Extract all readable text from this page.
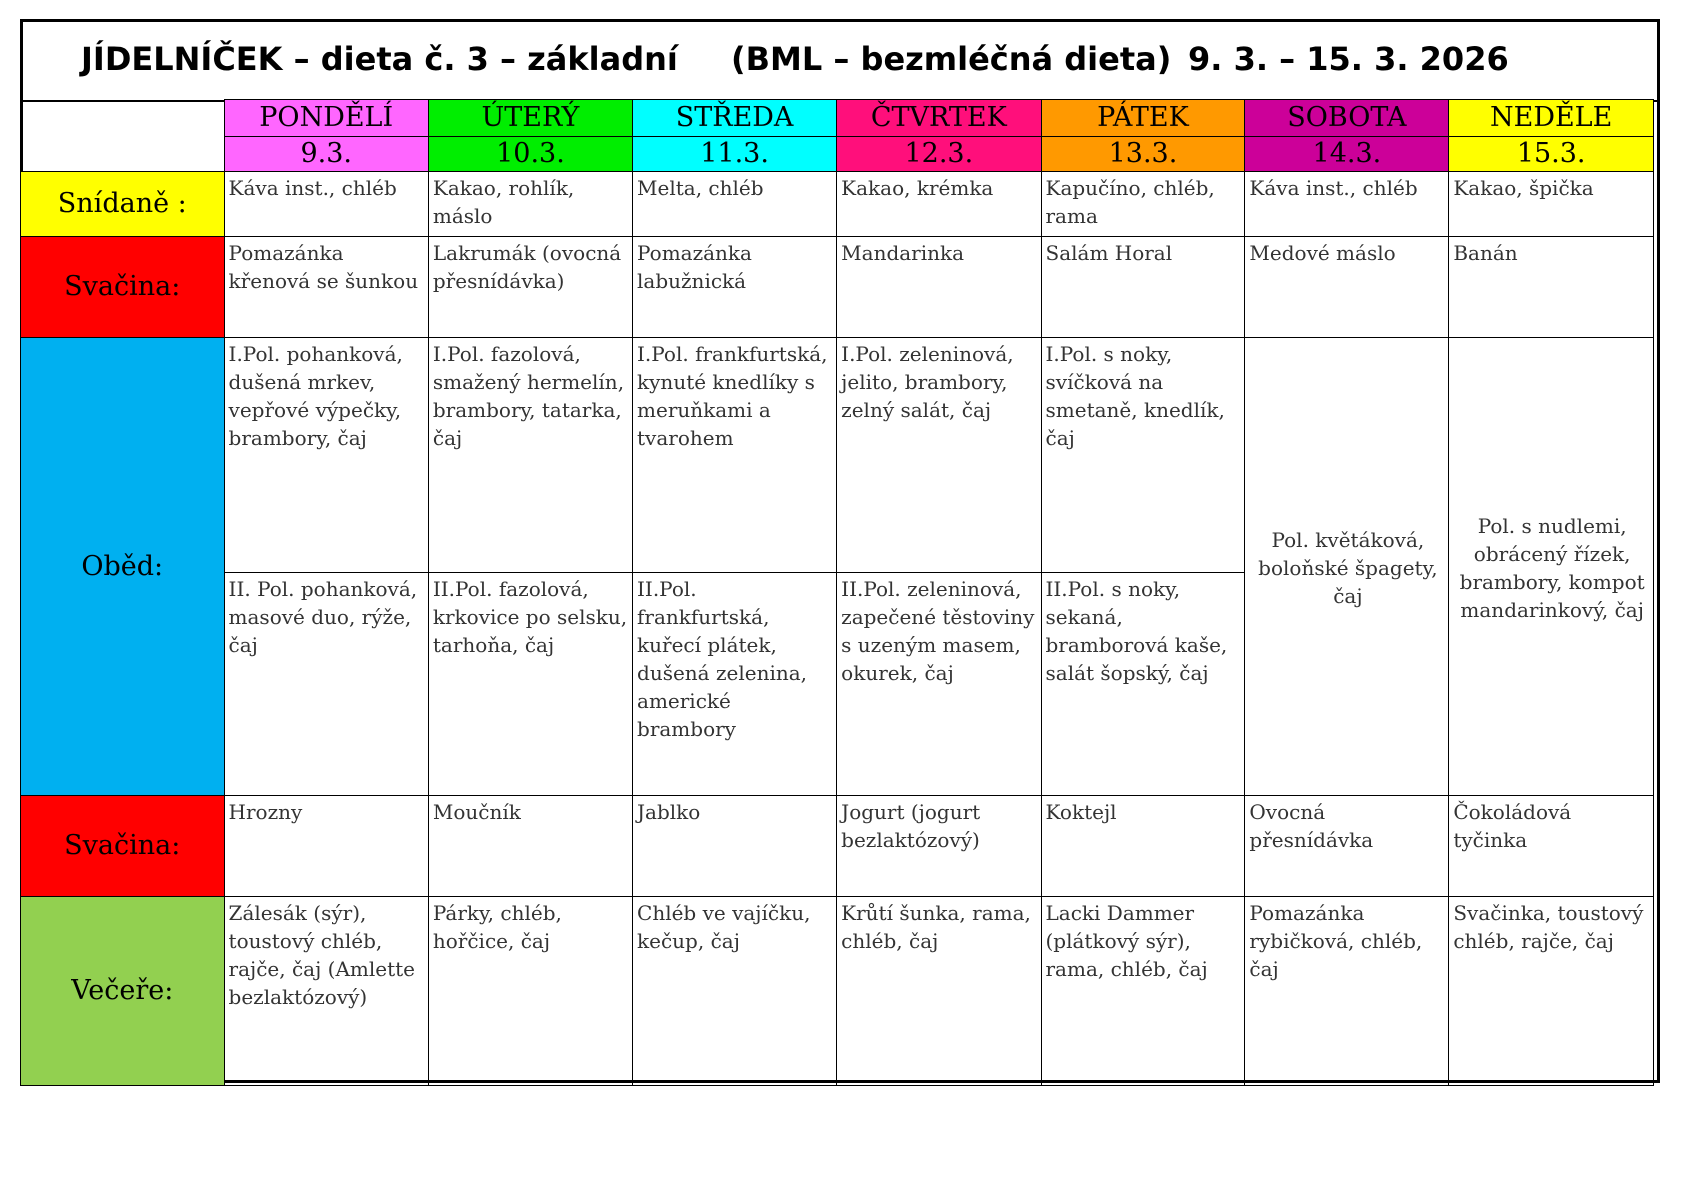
JÍDELNÍČEK – dieta č. 3 – základní (BML – bezmléčná dieta) 9. 3. – 15. 3. 2026
	PONDĚLÍ	ÚTERÝ	STŘEDA	ČTVRTEK	PÁTEK	SOBOTA	NEDĚLE
	9.3.	10.3.	11.3.	12.3.	13.3.	14.3.	15.3.
Snídaně :	Káva inst., chléb	Kakao, rohlík, máslo	Melta, chléb	Kakao, krémka	Kapučíno, chléb, rama	Káva inst., chléb	Kakao, špička

Svačina:	Pomazánka křenová se šunkou	Lakrumák (ovocná přesnídávka)	Pomazánka labužnická	Mandarinka	Salám Horal	Medové máslo	Banán

Oběd:	I.Pol. pohanková, dušená mrkev, vepřové výpečky, brambory, čaj	I.Pol. fazolová, smažený hermelín, brambory, tatarka, čaj	I.Pol. frankfurtská, kynuté knedlíky s meruňkami a tvarohem	I.Pol. zeleninová, jelito, brambory, zelný salát, čaj	I.Pol. s noky, svíčková na smetaně, knedlík, čaj	Pol. květáková, boloňské špagety, čaj	Pol. s nudlemi, obrácený řízek, brambory, kompot mandarinkový, čaj

	II. Pol. pohanková, masové duo, rýže, čaj	II.Pol. fazolová, krkovice po selsku, tarhoňa, čaj	II.Pol. frankfurtská, kuřecí plátek, dušená zelenina, americké brambory	II.Pol. zeleninová, zapečené těstoviny s uzeným masem, okurek, čaj	II.Pol. s noky, sekaná, bramborová kaše, salát šopský, čaj		

Svačina:	Hrozny	Moučník	Jablko	Jogurt (jogurt bezlaktózový)	Koktejl	Ovocná přesnídávka	Čokoládová tyčinka

Večeře:	Zálesák (sýr), toustový chléb, rajče, čaj (Amlette bezlaktózový)	Párky, chléb, hořčice, čaj	Chléb ve vajíčku, kečup, čaj	Krůtí šunka, rama, chléb, čaj	Lacki Dammer (plátkový sýr), rama, chléb, čaj	Pomazánka rybičková, chléb, čaj	Svačinka, toustový chléb, rajče, čaj
